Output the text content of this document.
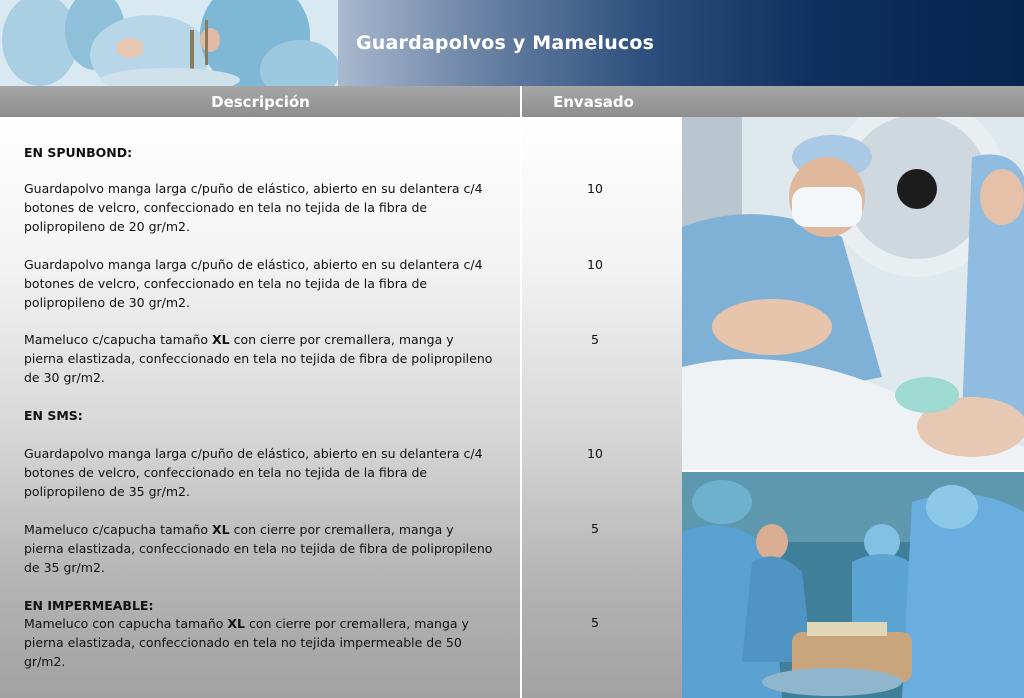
Guardapolvos y Mamelucos
Descripción	Envasado
EN SPUNBOND:
Guardapolvo manga larga c/puño de elástico, abierto en su delantera c/4 botones de velcro, confeccionado en tela no tejida de la fibra de polipropileno de 20 gr/m2.
10
Guardapolvo manga larga c/puño de elástico, abierto en su delantera c/4 botones de velcro, confeccionado en tela no tejida de la fibra de polipropileno de 30 gr/m2.
10
Mameluco c/capucha tamaño XL con cierre por cremallera, manga y pierna elastizada, confeccionado en tela no tejida de fibra de polipropileno de 30 gr/m2.
5
EN SMS:
Guardapolvo manga larga c/puño de elástico, abierto en su delantera c/4 botones de velcro, confeccionado en tela no tejida de la fibra de polipropileno de 35 gr/m2.
10
Mameluco c/capucha tamaño XL con cierre por cremallera, manga y pierna elastizada, confeccionado en tela no tejida de fibra de polipropileno de 35 gr/m2.
5
EN IMPERMEABLE:
Mameluco con capucha tamaño XL con cierre por cremallera, manga y pierna elastizada, confeccionado en tela no tejida impermeable de 50 gr/m2.
5
